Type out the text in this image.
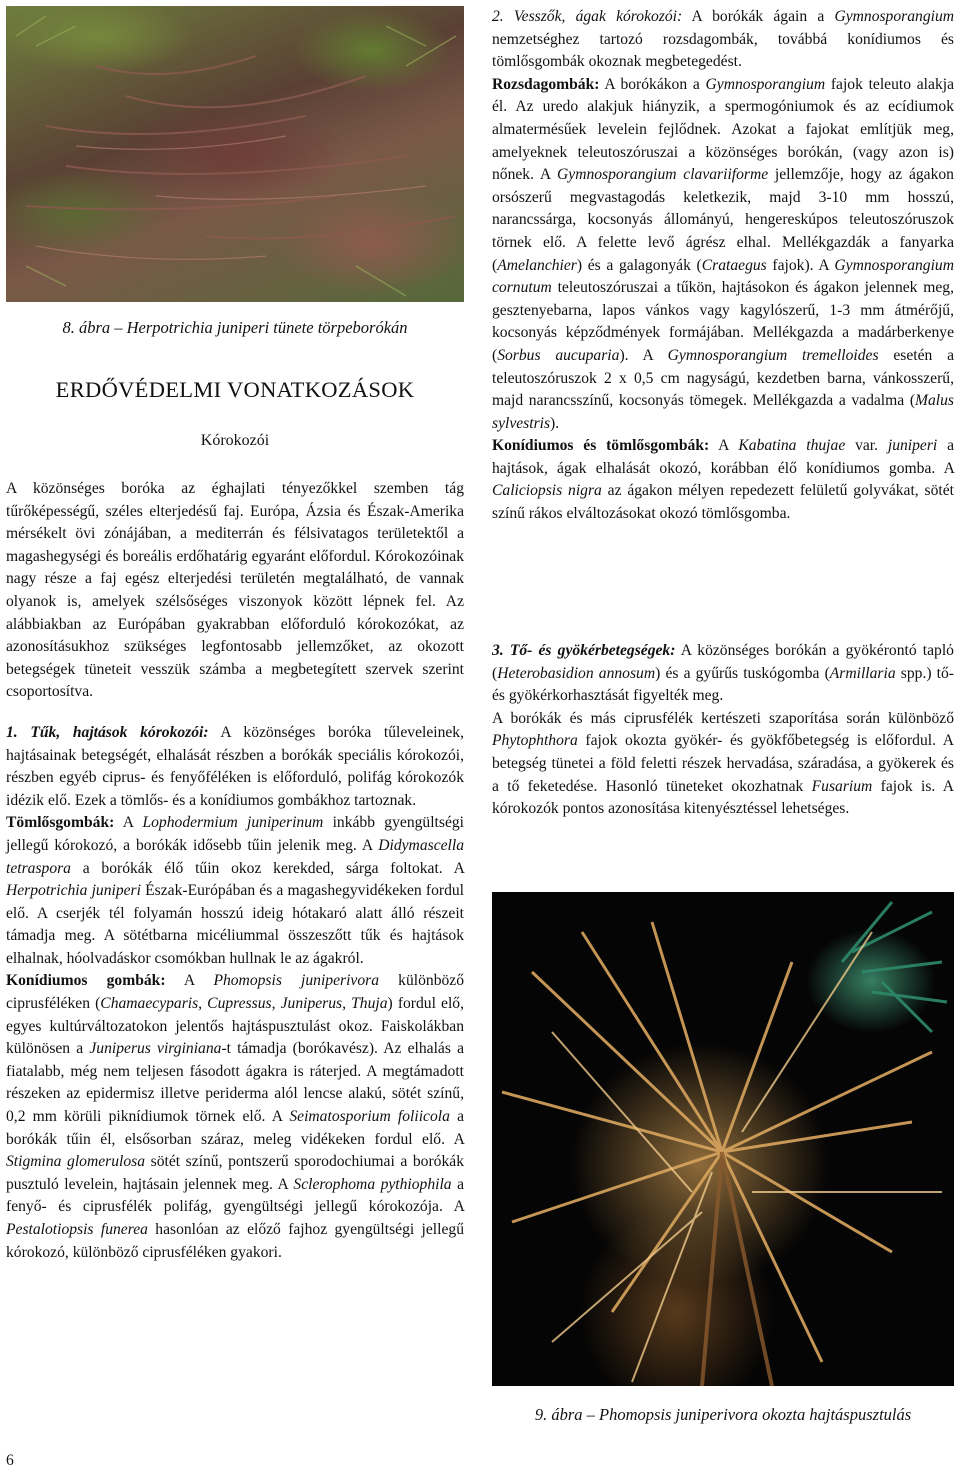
8. ábra – Herpotrichia juniperi tünete törpeborókán
ERDŐVÉDELMI VONATKOZÁSOK
Kórokozói

A közönséges boróka az éghajlati tényezőkkel szemben tág tűrőképességű, széles elterjedésű faj. Európa, Ázsia és Észak-Amerika mérsékelt övi zónájában, a mediterrán és félsivatagos területektől a magashegységi és boreális erdőhatárig egyaránt előfordul. Kórokozóinak nagy része a faj egész elterjedési területén megtalálható, de vannak olyanok is, amelyek szélsőséges viszonyok között lépnek fel. Az alábbiakban az Európában gyakrabban előforduló kórokozókat, az azonosításukhoz szükséges legfontosabb jellemzőket, az okozott betegségek tüneteit vesszük számba a megbetegített szervek szerint csoportosítva.

1. Tűk, hajtások kórokozói: A közönséges boróka tűleveleinek, hajtásainak betegségét, elhalását részben a borókák speciális kórokozói, részben egyéb ciprus- és fenyőféléken is előforduló, polifág kórokozók idézik elő. Ezek a tömlős- és a konídiumos gombákhoz tartoznak.

Tömlősgombák: A Lophodermium juniperinum inkább gyengültségi jellegű kórokozó, a borókák idősebb tűin jelenik meg. A Didymascella tetraspora a borókák élő tűin okoz kerekded, sárga foltokat. A Herpotrichia juniperi Észak-Európában és a magashegyvidékeken fordul elő. A cserjék tél folyamán hosszú ideig hótakaró alatt álló részeit támadja meg. A sötétbarna micéliummal összeszőtt tűk és hajtások elhalnak, hóolvadáskor csomókban hullnak le az ágakról.

Konídiumos gombák: A Phomopsis juniperivora különböző ciprusféléken (Chamaecyparis, Cupressus, Juniperus, Thuja) fordul elő, egyes kultúrváltozatokon jelentős hajtáspusztulást okoz. Faiskolákban különösen a Juniperus virginiana-t támadja (borókavész). Az elhalás a fiatalabb, még nem teljesen fásodott ágakra is ráterjed. A megtámadott részeken az epidermisz illetve periderma alól lencse alakú, sötét színű, 0,2 mm körüli piknídiumok törnek elő. A Seimatosporium foliicola a borókák tűin él, elsősorban száraz, meleg vidékeken fordul elő. A Stigmina glomerulosa sötét színű, pontszerű sporodochiumai a borókák pusztuló levelein, hajtásain jelennek meg. A Sclerophoma pythiophila a fenyő- és ciprusfélék polifág, gyengültségi jellegű kórokozója. A Pestalotiopsis funerea hasonlóan az előző fajhoz gyengültségi jellegű kórokozó, különböző ciprusféléken gyakori.

2. Vesszők, ágak kórokozói: A borókák ágain a Gymnosporangium nemzetséghez tartozó rozsdagombák, továbbá konídiumos és tömlősgombák okoznak megbetegedést.

Rozsdagombák: A borókákon a Gymnosporangium fajok teleuto alakja él. Az uredo alakjuk hiányzik, a spermogóniumok és az ecídiumok almatermésűek levelein fejlődnek. Azokat a fajokat említjük meg, amelyeknek teleutoszóruszai a közönséges borókán, (vagy azon is) nőnek. A Gymnosporangium clavariiforme jellemzője, hogy az ágakon orsószerű megvastagodás keletkezik, majd 3-10 mm hosszú, narancssárga, kocsonyás állományú, hengereskúpos teleutoszóruszok törnek elő. A felette levő ágrész elhal. Mellékgazdák a fanyarka (Amelanchier) és a galagonyák (Crataegus fajok). A Gymnosporangium cornutum teleutoszóruszai a tűkön, hajtásokon és ágakon jelennek meg, gesztenyebarna, lapos vánkos vagy kagylószerű, 1-3 mm átmérőjű, kocsonyás képződmények formájában. Mellékgazda a madárberkenye (Sorbus aucuparia). A Gymnosporangium tremelloides esetén a teleutoszóruszok 2 x 0,5 cm nagyságú, kezdetben barna, vánkosszerű, majd narancsszínű, kocsonyás tömegek. Mellékgazda a vadalma (Malus sylvestris).

Konídiumos és tömlősgombák: A Kabatina thujae var. juniperi a hajtások, ágak elhalását okozó, korábban élő konídiumos gomba. A Caliciopsis nigra az ágakon mélyen repedezett felületű golyvákat, sötét színű rákos elváltozásokat okozó tömlősgomba.

3. Tő- és gyökérbetegségek: A közönséges borókán a gyökérontó taplό (Heterobasidion annosum) és a gyűrűs tuskógomba (Armillaria spp.) tő- és gyökérkorhasztását figyelték meg.

A borókák és más ciprusfélék kertészeti szaporítása során különböző Phytophthora fajok okozta gyökér- és gyökfőbetegség is előfordul. A betegség tünetei a föld feletti részek hervadása, száradása, a gyökerek és a tő feketedése. Hasonló tüneteket okozhatnak Fusarium fajok is. A kórokozók pontos azonosítása kitenyésztéssel lehetséges.

9. ábra – Phomopsis juniperivora okozta hajtáspusztulás
6
